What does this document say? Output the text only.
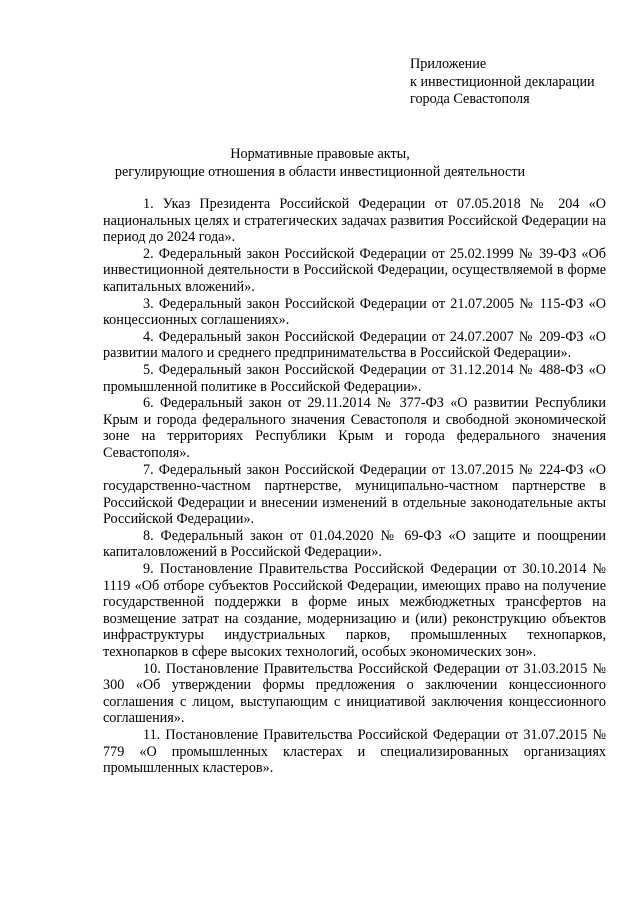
Приложение
к инвестиционной декларации
города Севастополя
Нормативные правовые акты,
регулирующие отношения в области инвестиционной деятельности

1. Указ Президента Российской Федерации от 07.05.2018 № 204 «О национальных целях и стратегических задачах развития Российской Федерации на период до 2024 года».

2. Федеральный закон Российской Федерации от 25.02.1999 № 39-ФЗ «Об инвестиционной деятельности в Российской Федерации, осуществляемой в форме капитальных вложений».

3. Федеральный закон Российской Федерации от 21.07.2005 № 115-ФЗ «О концессионных соглашениях».

4. Федеральный закон Российской Федерации от 24.07.2007 № 209-ФЗ «О развитии малого и среднего предпринимательства в Российской Федерации».

5. Федеральный закон Российской Федерации от 31.12.2014 № 488-ФЗ «О промышленной политике в Российской Федерации».

6. Федеральный закон от 29.11.2014 № 377-ФЗ «О развитии Республики Крым и города федерального значения Севастополя и свободной экономической зоне на территориях Республики Крым и города федерального значения Севастополя».

7. Федеральный закон Российской Федерации от 13.07.2015 № 224-ФЗ «О государственно-частном партнерстве, муниципально-частном партнерстве в Российской Федерации и внесении изменений в отдельные законодательные акты Российской Федерации».

8. Федеральный закон от 01.04.2020 № 69-ФЗ «О защите и поощрении капиталовложений в Российской Федерации».

9. Постановление Правительства Российской Федерации от 30.10.2014 № 1119 «Об отборе субъектов Российской Федерации, имеющих право на получение государственной поддержки в форме иных межбюджетных трансфертов на возмещение затрат на создание, модернизацию и (или) реконструкцию объектов инфраструктуры индустриальных парков, промышленных технопарков, технопарков в сфере высоких технологий, особых экономических зон».

10. Постановление Правительства Российской Федерации от 31.03.2015 № 300 «Об утверждении формы предложения о заключении концессионного соглашения с лицом, выступающим с инициативой заключения концессионного соглашения».

11. Постановление Правительства Российской Федерации от 31.07.2015 № 779 «О промышленных кластерах и специализированных организациях промышленных кластеров».
